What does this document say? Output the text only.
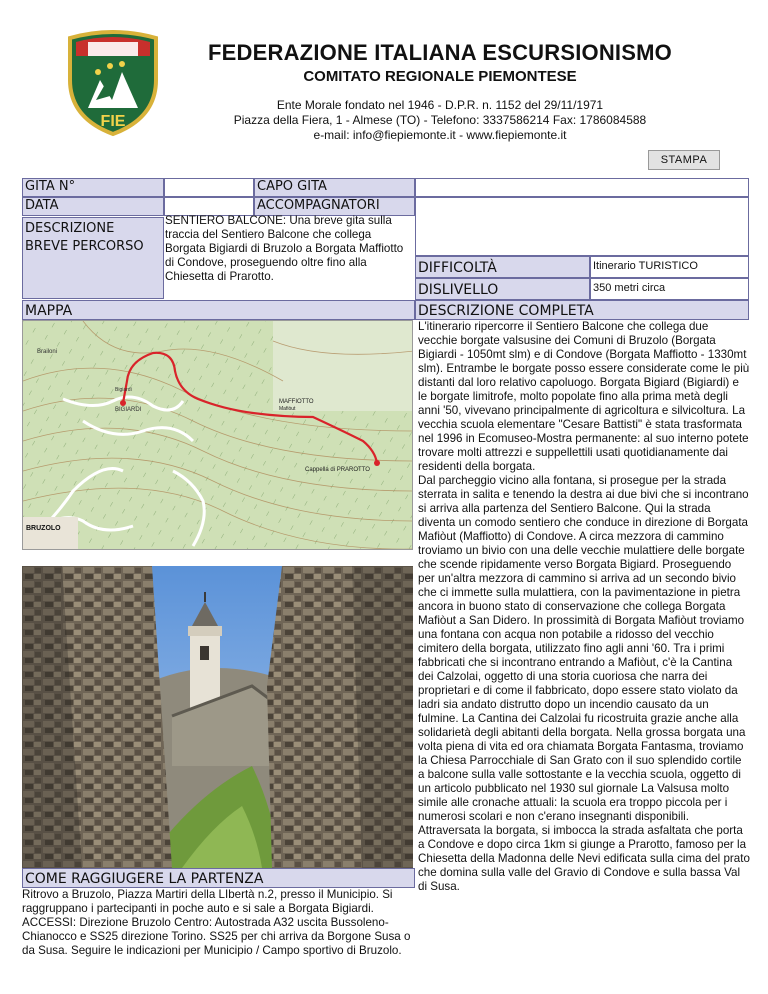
FIE
FEDERAZIONE ITALIANA ESCURSIONISMO
COMITATO REGIONALE PIEMONTESE
Ente Morale fondato nel 1946 - D.P.R. n. 1152 del 29/11/1971
Piazza della Fiera, 1 - Almese (TO) - Telefono: 3337586214 Fax: 1786084588
e-mail: info@fiepiemonte.it - www.fiepiemonte.it
STAMPA
GITA N°	CAPO GITA
DATA	ACCOMPAGNATORI
DESCRIZIONE BREVE PERCORSO
SENTIERO BALCONE: Una breve gita sulla traccia del Sentiero Balcone che collega Borgata Bigiardi di Bruzolo a Borgata Maffiotto di Condove, proseguendo oltre fino alla Chiesetta di Prarotto.
DIFFICOLTÀ	Itinerario TURISTICO
DISLIVELLO	350 metri circa
MAPPA	DESCRIZIONE COMPLETA
Brailoni
Bigiardi
BIGIARDI
MAFFIOTTO
Mafiòut
Cappella di PRAROTTO
BRUZOLO
L'itinerario ripercorre il Sentiero Balcone che collega due vecchie borgate valsusine dei Comuni di Bruzolo (Borgata Bigiardi - 1050mt slm) e di Condove (Borgata Maffiotto - 1330mt slm). Entrambe le borgate posso essere considerate come le più distanti dal loro relativo capoluogo. Borgata Bigiard (Bigiardi) e le borgate limitrofe, molto popolate fino alla prima metà degli anni '50, vivevano principalmente di agricoltura e silvicoltura. La vecchia scuola elementare "Cesare Battisti" è stata trasformata nel 1996 in Ecomuseo-Mostra permanente: al suo interno potete trovare molti attrezzi e suppellettili usati quotidianamente dai residenti della borgata.
Dal parcheggio vicino alla fontana, si prosegue per la strada sterrata in salita e tenendo la destra ai due bivi che si incontrano si arriva alla partenza del Sentiero Balcone. Qui la strada diventa un comodo sentiero che conduce in direzione di Borgata Mafiòut (Maffiotto) di Condove. A circa mezzora di cammino troviamo un bivio con una delle vecchie mulattiere delle borgate che scende ripidamente verso Borgata Bigiard. Proseguendo per un'altra mezzora di cammino si arriva ad un secondo bivio che ci immette sulla mulattiera, con la pavimentazione in pietra ancora in buono stato di conservazione che collega Borgata Mafiòut a San Didero. In prossimità di Borgata Mafiòut troviamo una fontana con acqua non potabile a ridosso del vecchio cimitero della borgata, utilizzato fino agli anni '60. Tra i primi fabbricati che si incontrano entrando a Mafiòut, c'è la Cantina dei Calzolai, oggetto di una storia cuoriosa che narra dei proprietari e di come il fabbricato, dopo essere stato violato da ladri sia andato distrutto dopo un incendio causato da un fulmine. La Cantina dei Calzolai fu ricostruita grazie anche alla solidarietà degli abitanti della borgata. Nella grossa borgata una volta piena di vita ed ora chiamata Borgata Fantasma, troviamo la Chiesa Parrocchiale di San Grato con il suo splendido cortile a balcone sulla valle sottostante e la vecchia scuola, oggetto di un articolo pubblicato nel 1930 sul giornale La Valsusa molto simile alle cronache attuali: la scuola era troppo piccola per i numerosi scolari e non c'erano insegnanti disponibili.
Attraversata la borgata, si imbocca la strada asfaltata che porta a Condove e dopo circa 1km si giunge a Prarotto, famoso per la Chiesetta della Madonna delle Nevi edificata sulla cima del prato che domina sulla valle del Gravio di Condove e sulla bassa Val di Susa.
COME RAGGIUGERE LA PARTENZA
Ritrovo a Bruzolo, Piazza Martiri della LIbertà n.2, presso il Municipio. Si raggruppano i partecipanti in poche auto e si sale a Borgata Bigiardi. ACCESSI: Direzione Bruzolo Centro: Autostrada A32 uscita Bussoleno-Chianocco e SS25 direzione Torino. SS25 per chi arriva da Borgone Susa o da Susa. Seguire le indicazioni per Municipio / Campo sportivo di Bruzolo.
